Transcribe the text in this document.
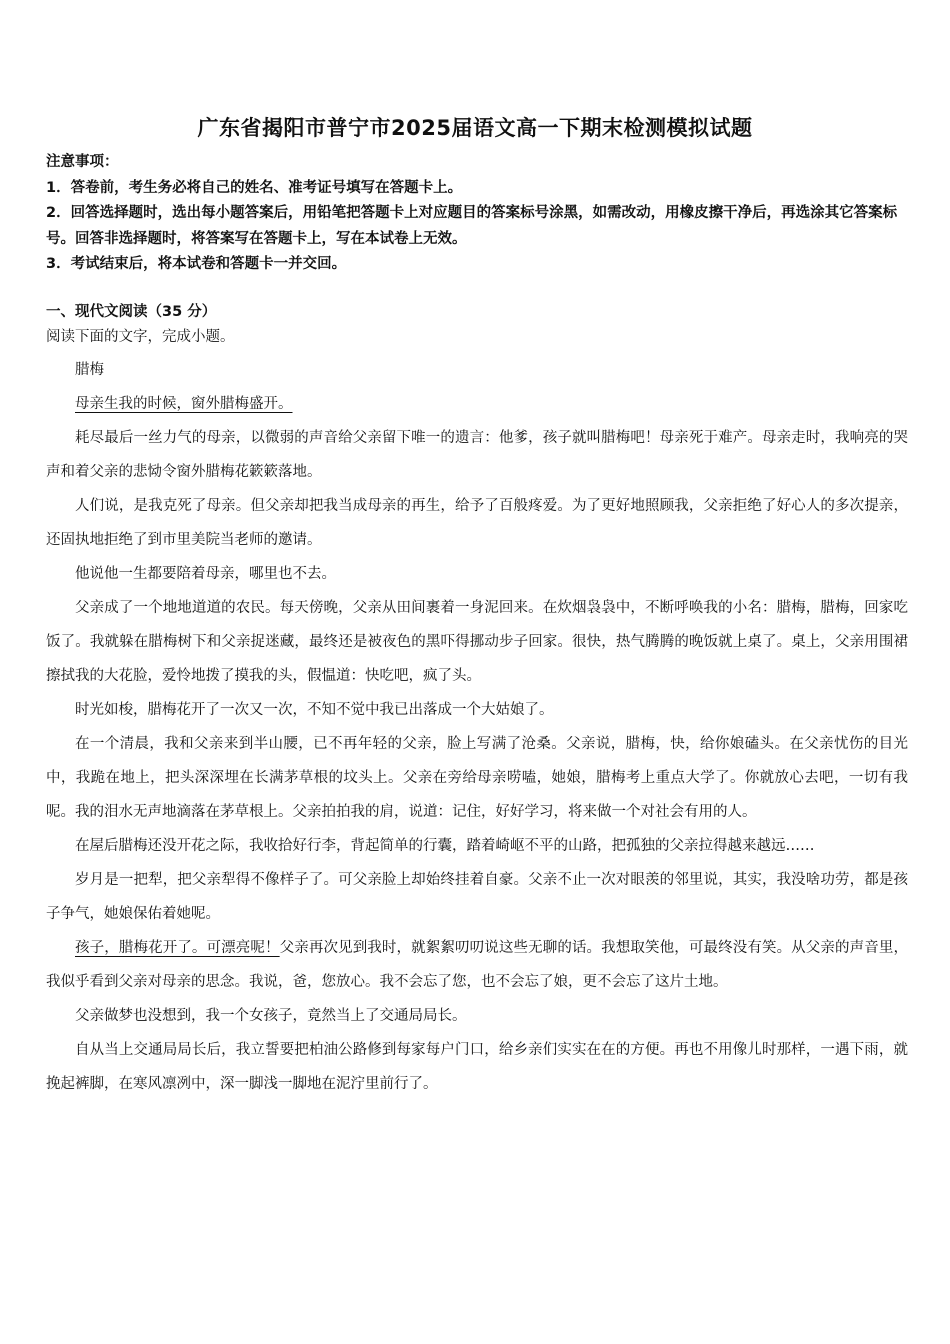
广东省揭阳市普宁市2025届语文高一下期末检测模拟试题

注意事项：

1．答卷前，考生务必将自己的姓名、准考证号填写在答题卡上。

2．回答选择题时，选出每小题答案后，用铅笔把答题卡上对应题目的答案标号涂黑，如需改动，用橡皮擦干净后，再选涂其它答案标号。回答非选择题时，将答案写在答题卡上，写在本试卷上无效。

3．考试结束后，将本试卷和答题卡一并交回。

一、现代文阅读（35 分）
阅读下面的文字，完成小题。

腊梅

母亲生我的时候，窗外腊梅盛开。

耗尽最后一丝力气的母亲，以微弱的声音给父亲留下唯一的遗言：他爹，孩子就叫腊梅吧！母亲死于难产。母亲走时，我响亮的哭声和着父亲的悲恸令窗外腊梅花簌簌落地。

人们说，是我克死了母亲。但父亲却把我当成母亲的再生，给予了百般疼爱。为了更好地照顾我，父亲拒绝了好心人的多次提亲，还固执地拒绝了到市里美院当老师的邀请。

他说他一生都要陪着母亲，哪里也不去。

父亲成了一个地地道道的农民。每天傍晚，父亲从田间裹着一身泥回来。在炊烟袅袅中，不断呼唤我的小名：腊梅，腊梅，回家吃饭了。我就躲在腊梅树下和父亲捉迷藏，最终还是被夜色的黑吓得挪动步子回家。很快，热气腾腾的晚饭就上桌了。桌上，父亲用围裙擦拭我的大花脸，爱怜地拨了摸我的头，假愠道：快吃吧，疯了头。

时光如梭，腊梅花开了一次又一次，不知不觉中我已出落成一个大姑娘了。

在一个清晨，我和父亲来到半山腰，已不再年轻的父亲，脸上写满了沧桑。父亲说，腊梅，快，给你娘磕头。在父亲忧伤的目光中，我跪在地上，把头深深埋在长满茅草根的坟头上。父亲在旁给母亲唠嗑，她娘，腊梅考上重点大学了。你就放心去吧，一切有我呢。我的泪水无声地滴落在茅草根上。父亲拍拍我的肩，说道：记住，好好学习，将来做一个对社会有用的人。

在屋后腊梅还没开花之际，我收拾好行李，背起简单的行囊，踏着崎岖不平的山路，把孤独的父亲拉得越来越远……

岁月是一把犁，把父亲犁得不像样子了。可父亲脸上却始终挂着自豪。父亲不止一次对眼羡的邻里说，其实，我没啥功劳，都是孩子争气，她娘保佑着她呢。

孩子，腊梅花开了。可漂亮呢！父亲再次见到我时，就絮絮叨叨说这些无聊的话。我想取笑他，可最终没有笑。从父亲的声音里，我似乎看到父亲对母亲的思念。我说，爸，您放心。我不会忘了您，也不会忘了娘，更不会忘了这片土地。

父亲做梦也没想到，我一个女孩子，竟然当上了交通局局长。

自从当上交通局局长后，我立誓要把柏油公路修到每家每户门口，给乡亲们实实在在的方便。再也不用像儿时那样，一遇下雨，就挽起裤脚，在寒风凛冽中，深一脚浅一脚地在泥泞里前行了。
